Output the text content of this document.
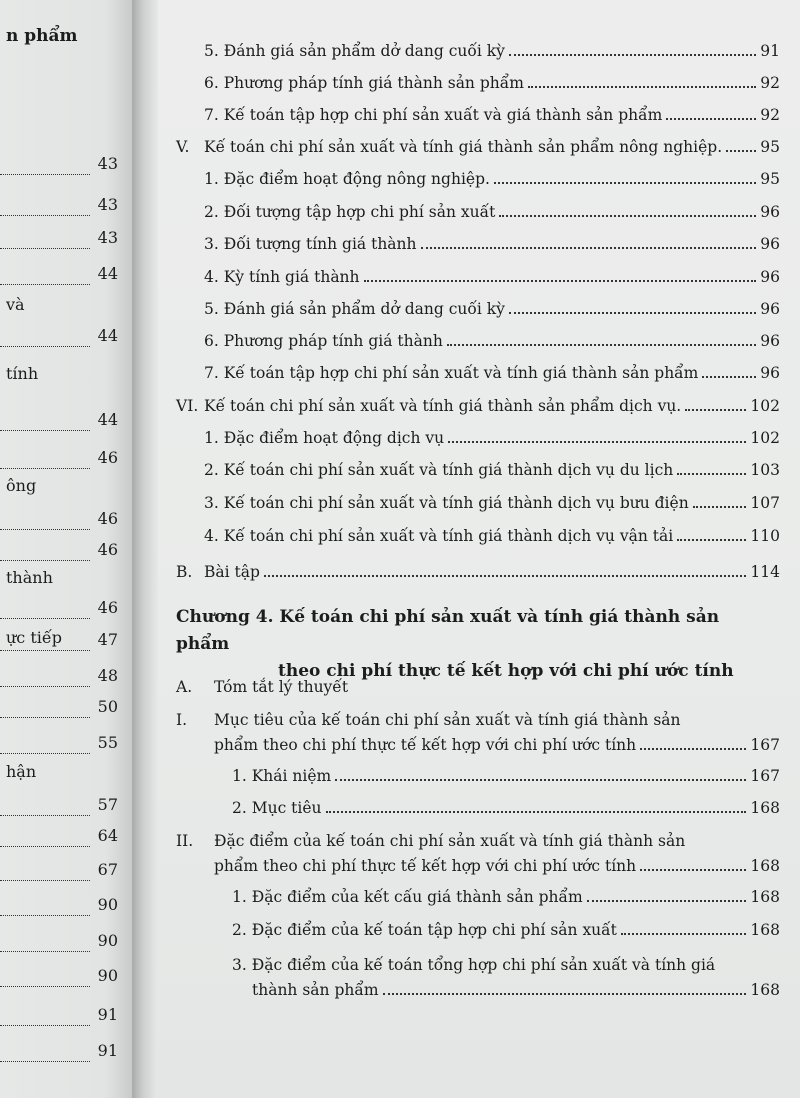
n phẩm
43
43
43
44
và
44
tính
44
46
ông
46
46
thành
46
ực tiếp 47
48
50
55
hận
57
64
67
90
90
90
91
91
5. Đánh giá sản phẩm dở dang cuối kỳ	91
6. Phương pháp tính giá thành sản phẩm	92
7. Kế toán tập hợp chi phí sản xuất và giá thành sản phẩm	92
V. Kế toán chi phí sản xuất và tính giá thành sản phẩm nông nghiệp. 95
1. Đặc điểm hoạt động nông nghiệp.	95
2. Đối tượng tập hợp chi phí sản xuất	96
3. Đối tượng tính giá thành	96
4. Kỳ tính giá thành	96
5. Đánh giá sản phẩm dở dang cuối kỳ	96
6. Phương pháp tính giá thành	96
7. Kế toán tập hợp chi phí sản xuất và tính giá thành sản phẩm	96
VI. Kế toán chi phí sản xuất và tính giá thành sản phẩm dịch vụ.	102
1. Đặc điểm hoạt động dịch vụ	102
2. Kế toán chi phí sản xuất và tính giá thành dịch vụ du lịch	103
3. Kế toán chi phí sản xuất và tính giá thành dịch vụ bưu điện	107
4. Kế toán chi phí sản xuất và tính giá thành dịch vụ vận tải	110
B. Bài tập	114
Chương 4. Kế toán chi phí sản xuất và tính giá thành sản phẩm
theo chi phí thực tế kết hợp với chi phí ước tính
A.	Tóm tắt lý thuyết
I. Mục tiêu của kế toán chi phí sản xuất và tính giá thành sản
phẩm theo chi phí thực tế kết hợp với chi phí ước tính	167
1. Khái niệm	167
2. Mục tiêu	168
II. Đặc điểm của kế toán chi phí sản xuất và tính giá thành sản
phẩm theo chi phí thực tế kết hợp với chi phí ước tính	168
1. Đặc điểm của kết cấu giá thành sản phẩm	168
2. Đặc điểm của kế toán tập hợp chi phí sản xuất	168
3. Đặc điểm của kế toán tổng hợp chi phí sản xuất và tính giá
thành sản phẩm	168
